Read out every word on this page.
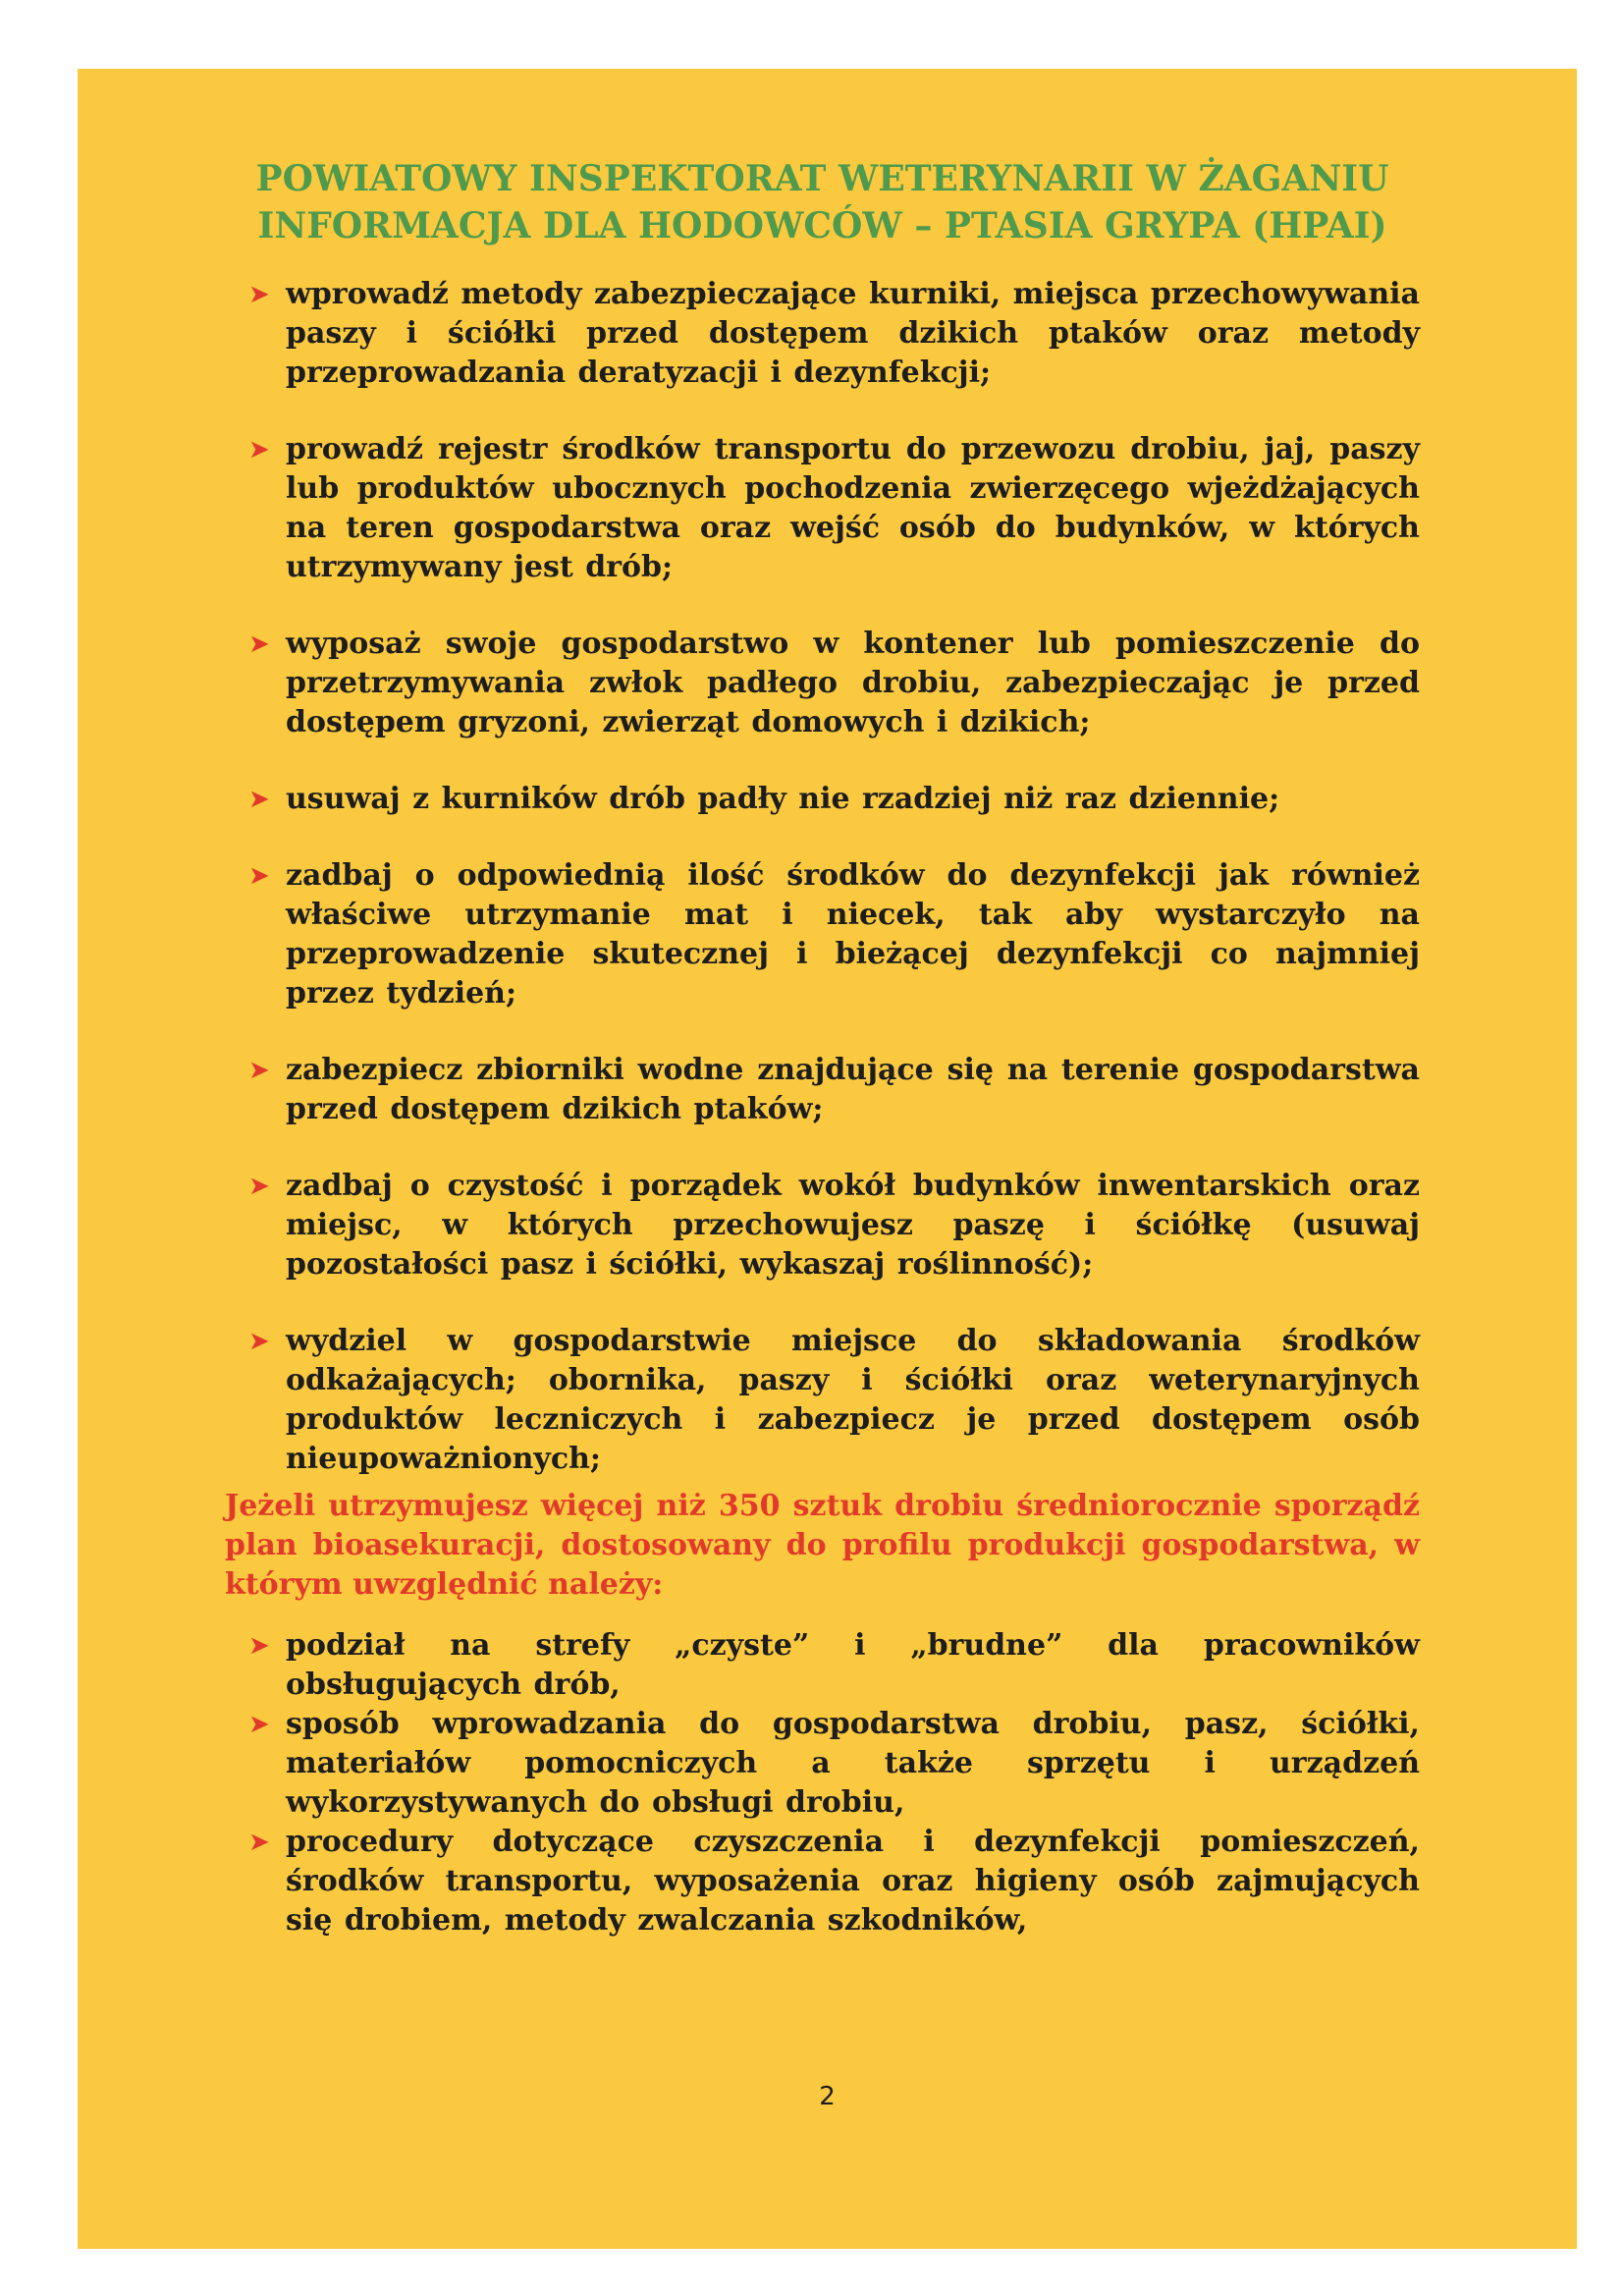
POWIATOWY INSPEKTORAT WETERYNARII W ŻAGANIU
INFORMACJA DLA HODOWCÓW – PTASIA GRYPA (HPAI)
➤ wprowadź metody zabezpieczające kurniki, miejsca przechowywania paszy i ściółki przed dostępem dzikich ptaków oraz metody przeprowadzania deratyzacji i dezynfekcji;
➤ prowadź rejestr środków transportu do przewozu drobiu, jaj, paszy lub produktów ubocznych pochodzenia zwierzęcego wjeżdżających na teren gospodarstwa oraz wejść osób do budynków, w których utrzymywany jest drób;
➤ wyposaż swoje gospodarstwo w kontener lub pomieszczenie do przetrzymywania zwłok padłego drobiu, zabezpieczając je przed dostępem gryzoni, zwierząt domowych i dzikich;
➤ usuwaj z kurników drób padły nie rzadziej niż raz dziennie;
➤ zadbaj o odpowiednią ilość środków do dezynfekcji jak również właściwe utrzymanie mat i niecek, tak aby wystarczyło na przeprowadzenie skutecznej i bieżącej dezynfekcji co najmniej przez tydzień;
➤ zabezpiecz zbiorniki wodne znajdujące się na terenie gospodarstwa przed dostępem dzikich ptaków;
➤ zadbaj o czystość i porządek wokół budynków inwentarskich oraz miejsc, w których przechowujesz paszę i ściółkę (usuwaj pozostałości pasz i ściółki, wykaszaj roślinność);
➤ wydziel w gospodarstwie miejsce do składowania środków odkażających; obornika, paszy i ściółki oraz weterynaryjnych produktów leczniczych i zabezpiecz je przed dostępem osób nieupoważnionych;

Jeżeli utrzymujesz więcej niż 350 sztuk drobiu średniorocznie sporządź plan bioasekuracji, dostosowany do profilu produkcji gospodarstwa, w którym uwzględnić należy:

➤ podział na strefy „czyste” i „brudne” dla pracowników obsługujących drób,
➤ sposób wprowadzania do gospodarstwa drobiu, pasz, ściółki, materiałów pomocniczych a także sprzętu i urządzeń wykorzystywanych do obsługi drobiu,
➤ procedury dotyczące czyszczenia i dezynfekcji pomieszczeń, środków transportu, wyposażenia oraz higieny osób zajmujących się drobiem, metody zwalczania szkodników,
2
